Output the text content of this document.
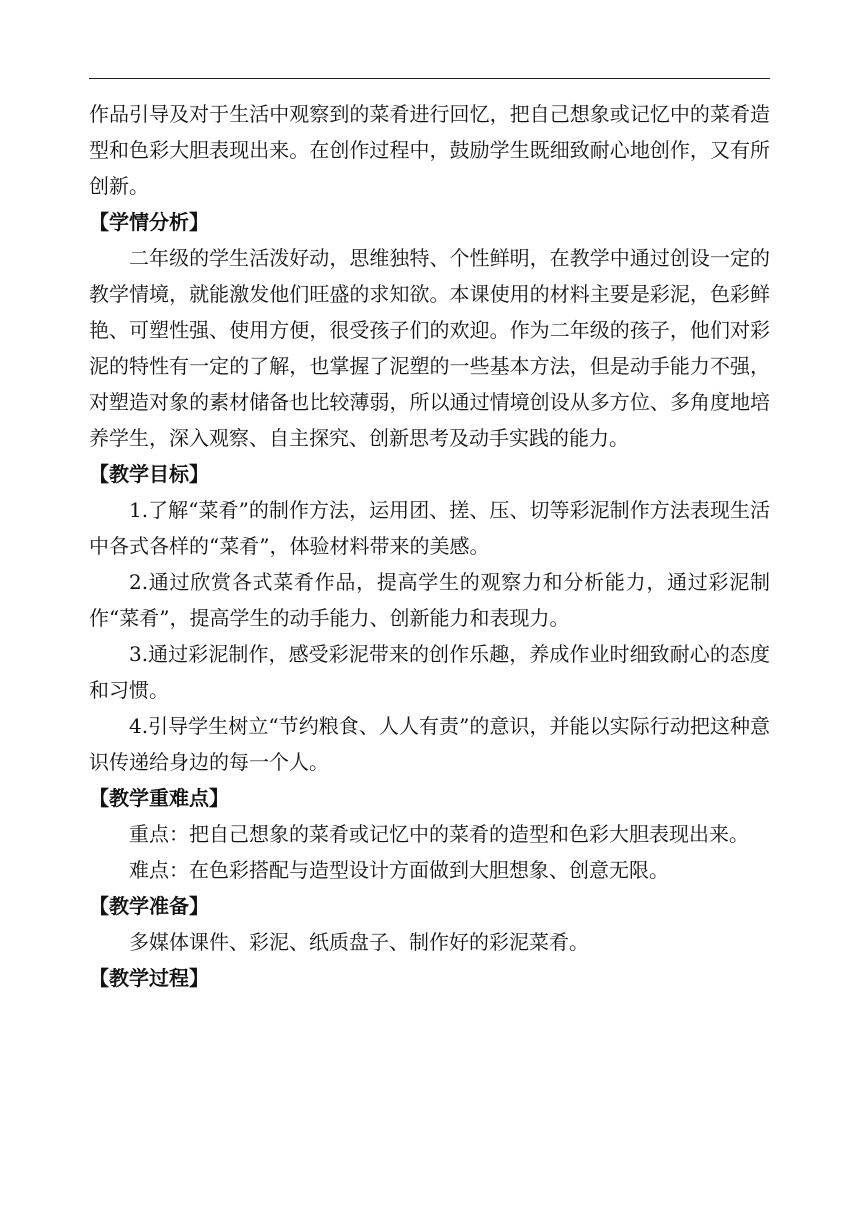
作品引导及对于生活中观察到的菜肴进行回忆，把自己想象或记忆中的菜肴造型和色彩大胆表现出来。在创作过程中，鼓励学生既细致耐心地创作，又有所创新。

【学情分析】

二年级的学生活泼好动，思维独特、个性鲜明，在教学中通过创设一定的教学情境，就能激发他们旺盛的求知欲。本课使用的材料主要是彩泥，色彩鲜艳、可塑性强、使用方便，很受孩子们的欢迎。作为二年级的孩子，他们对彩泥的特性有一定的了解，也掌握了泥塑的一些基本方法，但是动手能力不强，对塑造对象的素材储备也比较薄弱，所以通过情境创设从多方位、多角度地培养学生，深入观察、自主探究、创新思考及动手实践的能力。

【教学目标】

1.了解“菜肴”的制作方法，运用团、搓、压、切等彩泥制作方法表现生活中各式各样的“菜肴”，体验材料带来的美感。

2.通过欣赏各式菜肴作品，提高学生的观察力和分析能力，通过彩泥制作“菜肴”，提高学生的动手能力、创新能力和表现力。

3.通过彩泥制作，感受彩泥带来的创作乐趣，养成作业时细致耐心的态度和习惯。

4.引导学生树立“节约粮食、人人有责”的意识，并能以实际行动把这种意识传递给身边的每一个人。

【教学重难点】

重点：把自己想象的菜肴或记忆中的菜肴的造型和色彩大胆表现出来。

难点：在色彩搭配与造型设计方面做到大胆想象、创意无限。

【教学准备】

多媒体课件、彩泥、纸质盘子、制作好的彩泥菜肴。

【教学过程】
